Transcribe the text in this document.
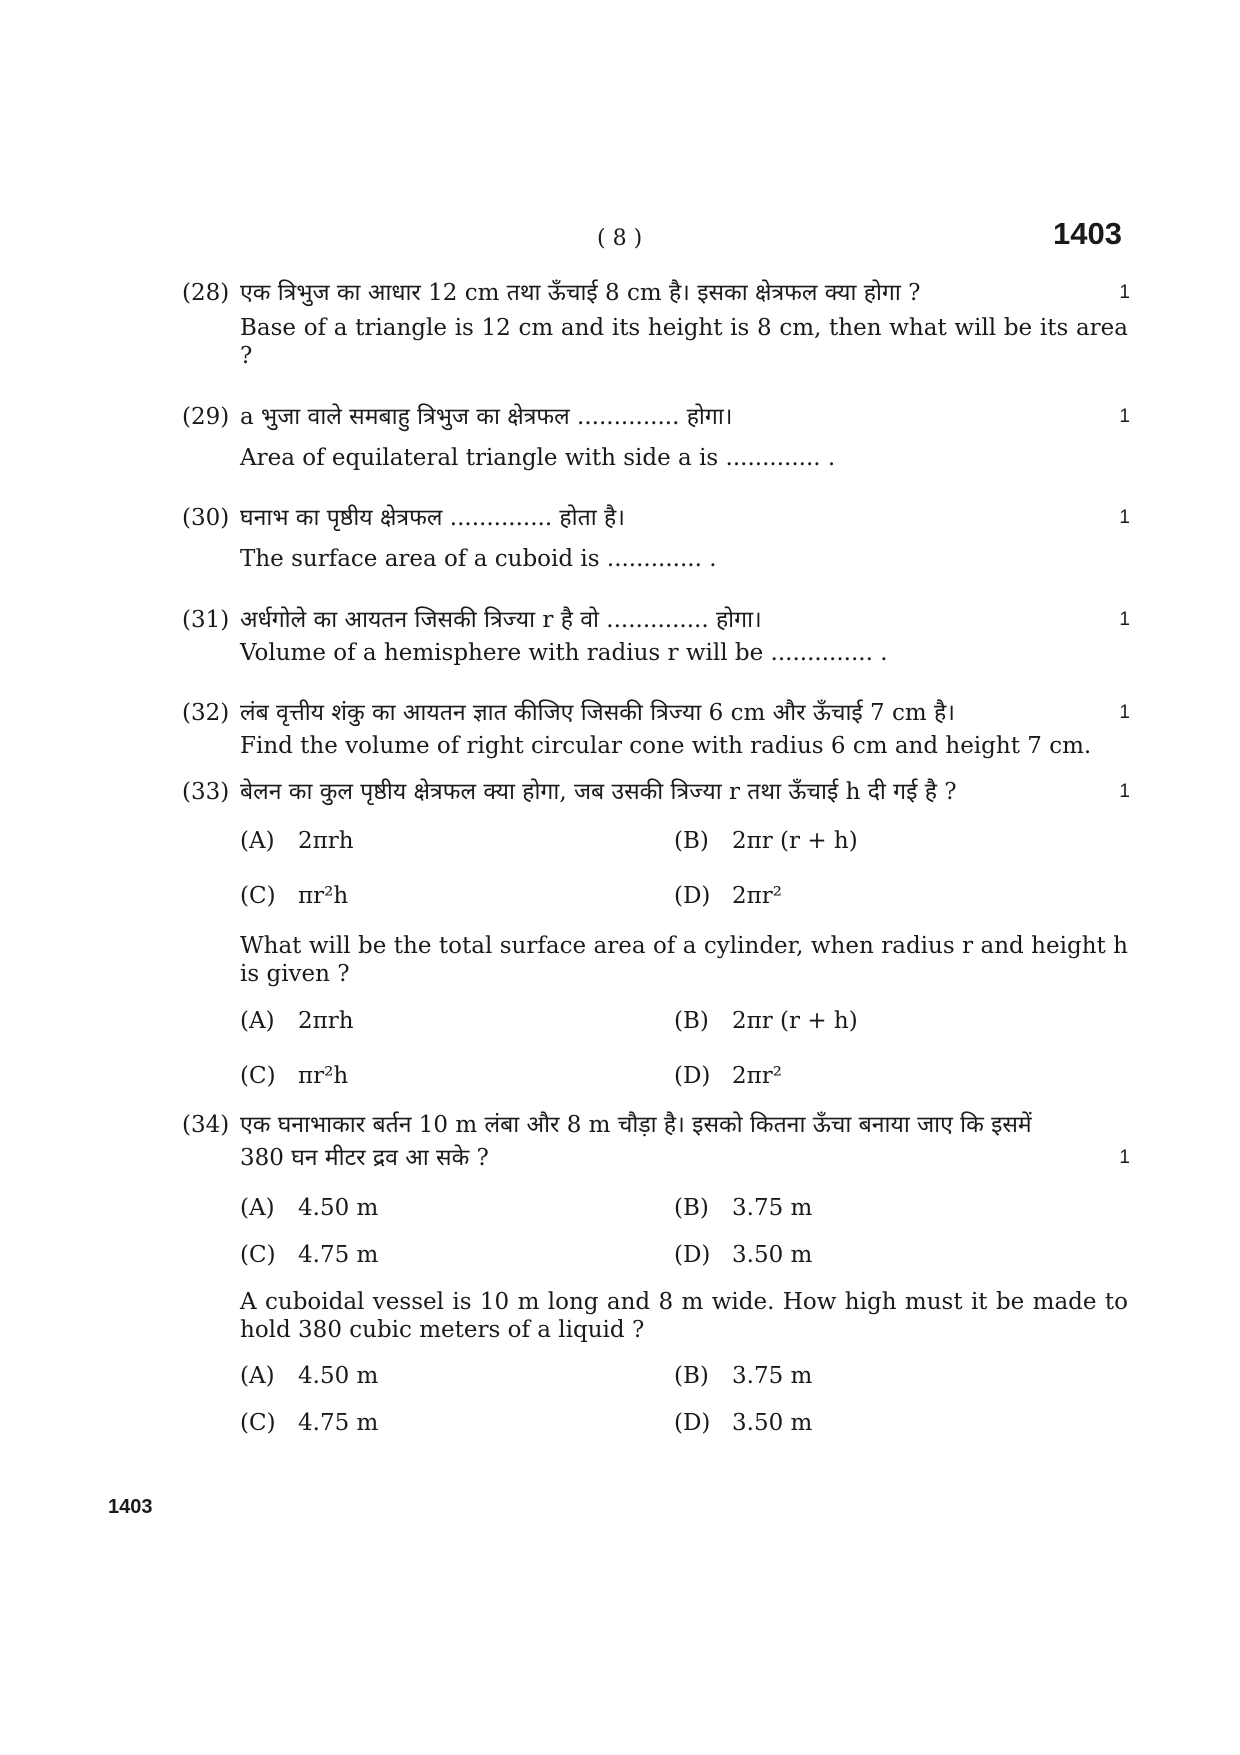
( 8 )	1403
(28) एक त्रिभुज का आधार 12 cm तथा ऊँचाई 8 cm है। इसका क्षेत्रफल क्या होगा ?	1
Base of a triangle is 12 cm and its height is 8 cm, then what will be its area ?
(29) a भुजा वाले समबाहु त्रिभुज का क्षेत्रफल .............. होगा।	1
Area of equilateral triangle with side a is ............. .
(30) घनाभ का पृष्ठीय क्षेत्रफल .............. होता है।	1
The surface area of a cuboid is ............. .
(31) अर्धगोले का आयतन जिसकी त्रिज्या r है वो .............. होगा।	1
Volume of a hemisphere with radius r will be .............. .
(32) लंब वृत्तीय शंकु का आयतन ज्ञात कीजिए जिसकी त्रिज्या 6 cm और ऊँचाई 7 cm है।	1
Find the volume of right circular cone with radius 6 cm and height 7 cm.
(33) बेलन का कुल पृष्ठीय क्षेत्रफल क्या होगा, जब उसकी त्रिज्या r तथा ऊँचाई h दी गई है ?	1
(A) 2πrh	(B) 2πr (r + h)
(C) πr²h	(D) 2πr²
What will be the total surface area of a cylinder, when radius r and height h is given ?
(A) 2πrh	(B) 2πr (r + h)
(C) πr²h	(D) 2πr²
(34) एक घनाभाकार बर्तन 10 m लंबा और 8 m चौड़ा है। इसको कितना ऊँचा बनाया जाए कि इसमें
380 घन मीटर द्रव आ सके ?	1
(A) 4.50 m	(B) 3.75 m
(C) 4.75 m	(D) 3.50 m
A cuboidal vessel is 10 m long and 8 m wide. How high must it be made to hold 380 cubic meters of a liquid ?
(A) 4.50 m	(B) 3.75 m
(C) 4.75 m	(D) 3.50 m
1403
